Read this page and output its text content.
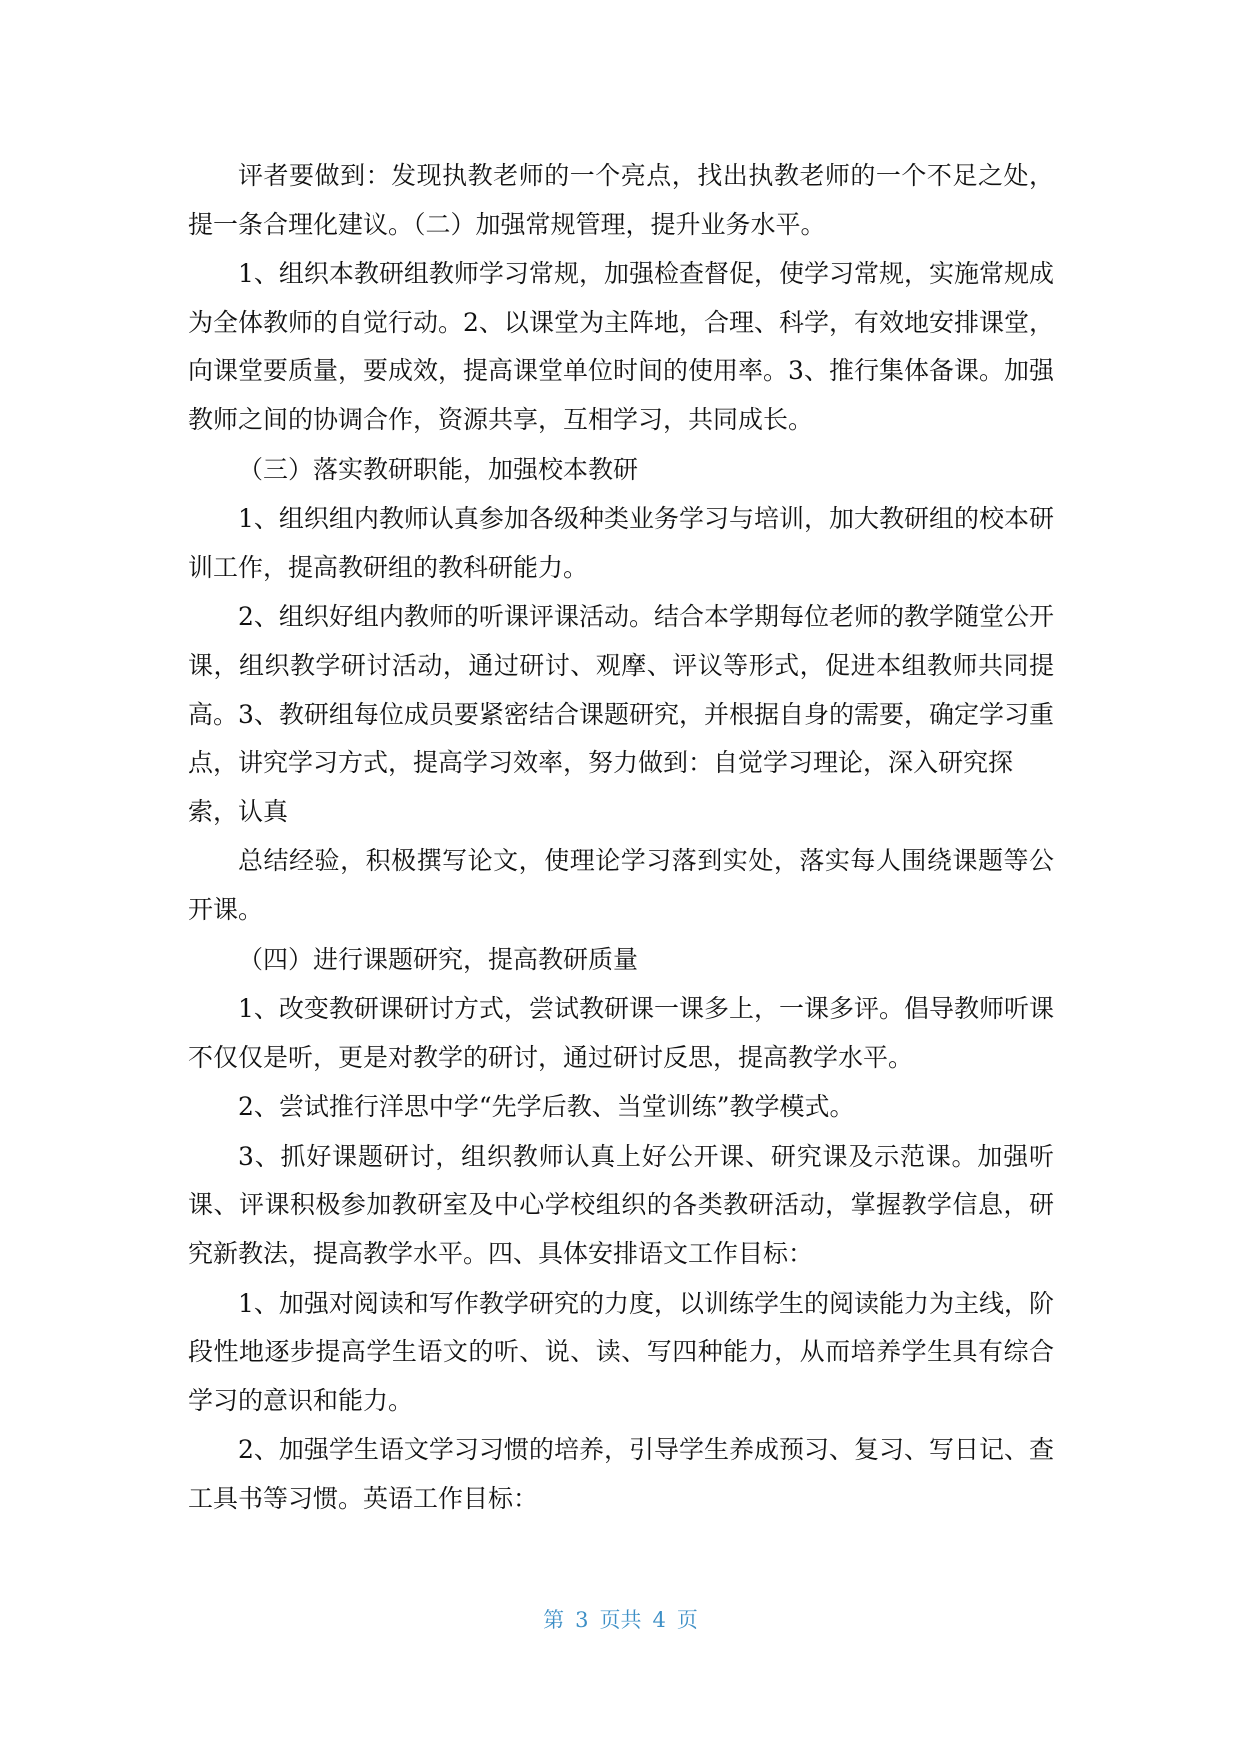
评者要做到：发现执教老师的一个亮点，找出执教老师的一个不足之处，
提一条合理化建议。（二）加强常规管理，提升业务水平。
1、组织本教研组教师学习常规，加强检查督促，使学习常规，实施常规成
为全体教师的自觉行动。2、以课堂为主阵地，合理、科学，有效地安排课堂，
向课堂要质量，要成效，提高课堂单位时间的使用率。3、推行集体备课。加强
教师之间的协调合作，资源共享，互相学习，共同成长。
（三）落实教研职能，加强校本教研
1、组织组内教师认真参加各级种类业务学习与培训，加大教研组的校本研
训工作，提高教研组的教科研能力。
2、组织好组内教师的听课评课活动。结合本学期每位老师的教学随堂公开
课，组织教学研讨活动，通过研讨、观摩、评议等形式，促进本组教师共同提
高。3、教研组每位成员要紧密结合课题研究，并根据自身的需要，确定学习重
点，讲究学习方式，提高学习效率，努力做到：自觉学习理论，深入研究探
索，认真
总结经验，积极撰写论文，使理论学习落到实处，落实每人围绕课题等公
开课。
（四）进行课题研究，提高教研质量
1、改变教研课研讨方式，尝试教研课一课多上，一课多评。倡导教师听课
不仅仅是听，更是对教学的研讨，通过研讨反思，提高教学水平。
2、尝试推行洋思中学“先学后教、当堂训练”教学模式。
3、抓好课题研讨，组织教师认真上好公开课、研究课及示范课。加强听
课、评课积极参加教研室及中心学校组织的各类教研活动，掌握教学信息，研
究新教法，提高教学水平。四、具体安排语文工作目标：
1、加强对阅读和写作教学研究的力度，以训练学生的阅读能力为主线，阶
段性地逐步提高学生语文的听、说、读、写四种能力，从而培养学生具有综合
学习的意识和能力。
2、加强学生语文学习习惯的培养，引导学生养成预习、复习、写日记、查
工具书等习惯。英语工作目标：
第 3 页共 4 页
